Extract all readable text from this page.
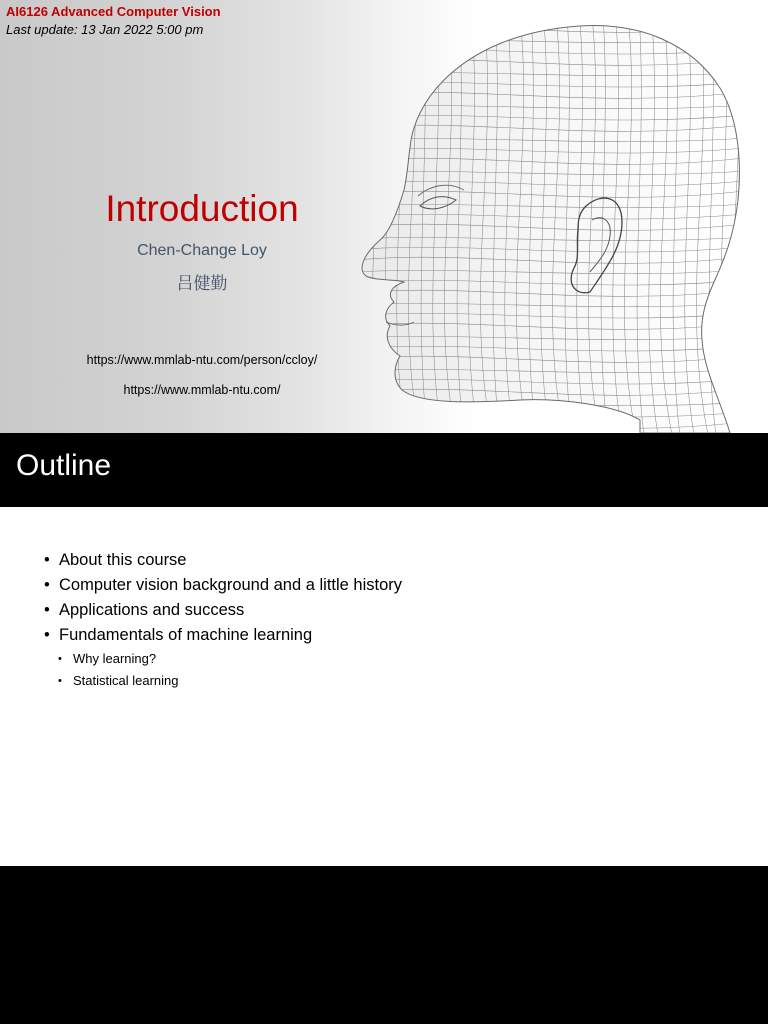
AI6126 Advanced Computer Vision
Last update: 13 Jan 2022 5:00 pm
Introduction
Chen-Change Loy
吕健勤
https://www.mmlab-ntu.com/person/ccloy/
https://www.mmlab-ntu.com/
Outline
• About this course
• Computer vision background and a little history
• Applications and success
• Fundamentals of machine learning
• Why learning?
• Statistical learning
